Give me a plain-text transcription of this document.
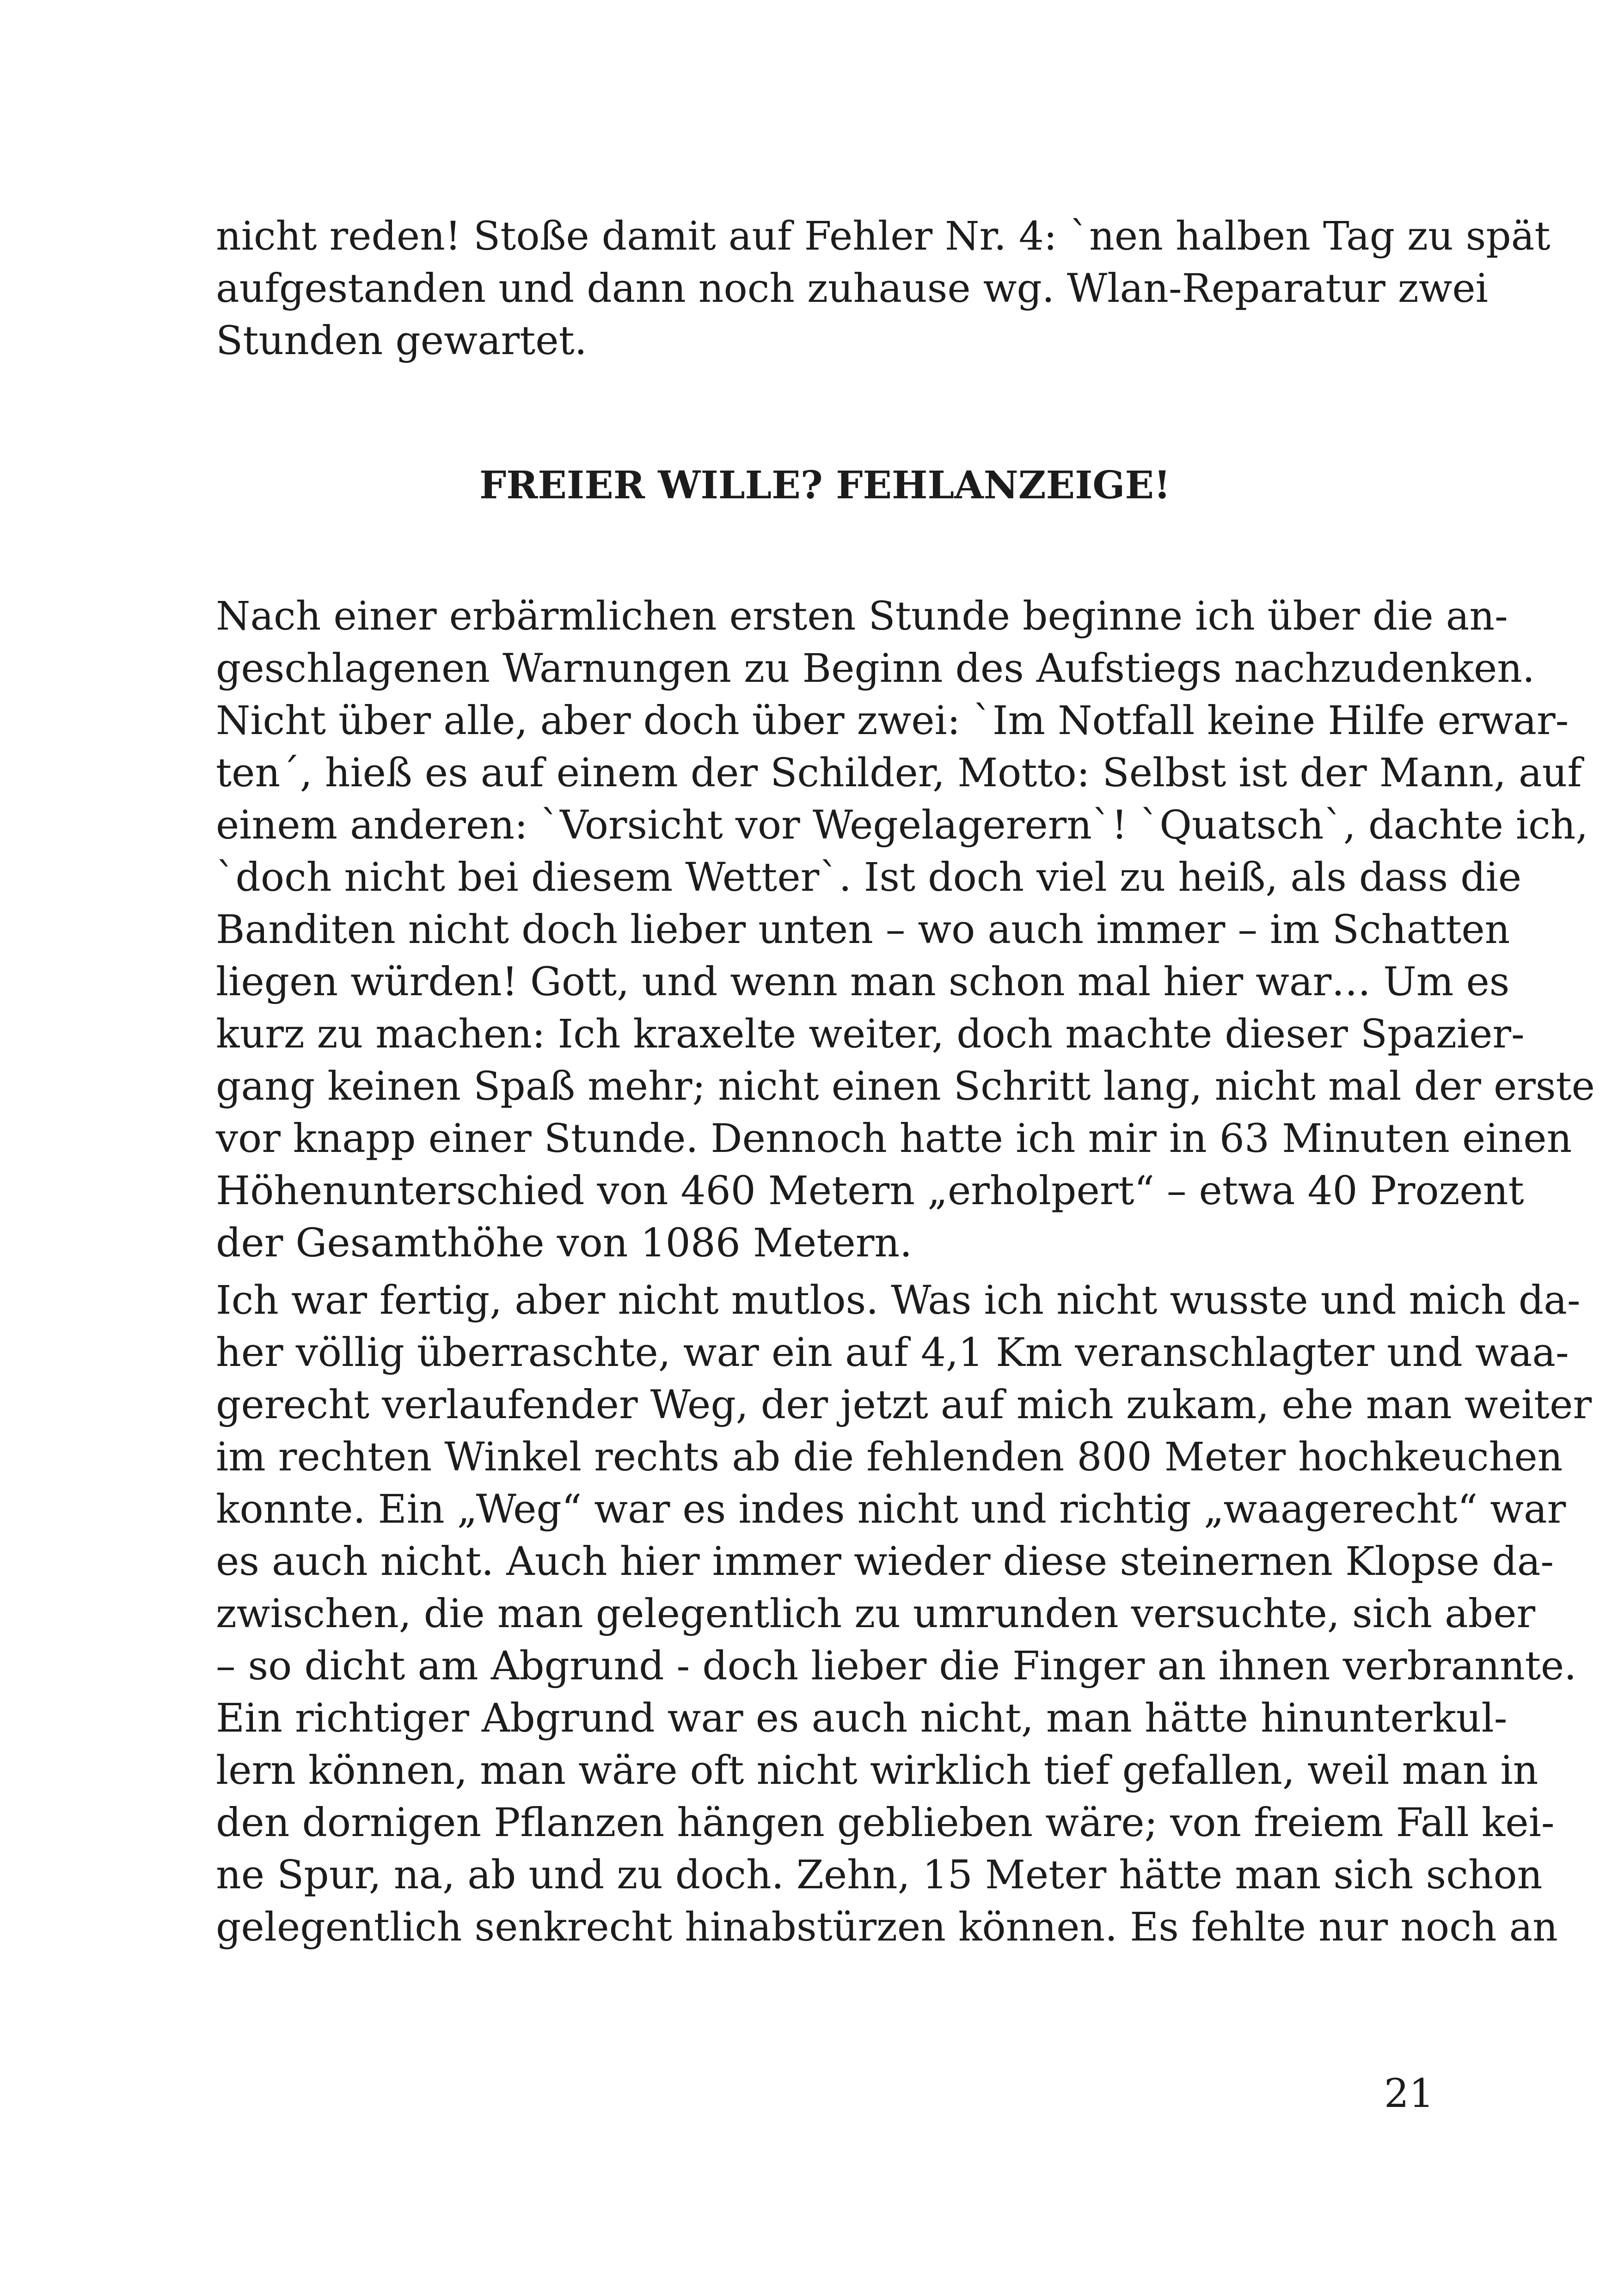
nicht reden! Stoße damit auf Fehler Nr. 4: `nen halben Tag zu spät
aufgestanden und dann noch zuhause wg. Wlan-Reparatur zwei
Stunden gewartet.
FREIER WILLE? FEHLANZEIGE!
Nach einer erbärmlichen ersten Stunde beginne ich über die an-
geschlagenen Warnungen zu Beginn des Aufstiegs nachzudenken.
Nicht über alle, aber doch über zwei: `Im Notfall keine Hilfe erwar-
ten´, hieß es auf einem der Schilder, Motto: Selbst ist der Mann, auf
einem anderen: `Vorsicht vor Wegelagerern`! `Quatsch`, dachte ich,
`doch nicht bei diesem Wetter`. Ist doch viel zu heiß, als dass die
Banditen nicht doch lieber unten – wo auch immer – im Schatten
liegen würden! Gott, und wenn man schon mal hier war… Um es
kurz zu machen: Ich kraxelte weiter, doch machte dieser Spazier-
gang keinen Spaß mehr; nicht einen Schritt lang, nicht mal der erste
vor knapp einer Stunde. Dennoch hatte ich mir in 63 Minuten einen
Höhenunterschied von 460 Metern „erholpert“ – etwa 40 Prozent
der Gesamthöhe von 1086 Metern.
Ich war fertig, aber nicht mutlos. Was ich nicht wusste und mich da-
her völlig überraschte, war ein auf 4,1 Km veranschlagter und waa-
gerecht verlaufender Weg, der jetzt auf mich zukam, ehe man weiter
im rechten Winkel rechts ab die fehlenden 800 Meter hochkeuchen
konnte. Ein „Weg“ war es indes nicht und richtig „waagerecht“ war
es auch nicht. Auch hier immer wieder diese steinernen Klopse da-
zwischen, die man gelegentlich zu umrunden versuchte, sich aber
– so dicht am Abgrund - doch lieber die Finger an ihnen verbrannte.
Ein richtiger Abgrund war es auch nicht, man hätte hinunterkul-
lern können, man wäre oft nicht wirklich tief gefallen, weil man in
den dornigen Pflanzen hängen geblieben wäre; von freiem Fall kei-
ne Spur, na, ab und zu doch. Zehn, 15 Meter hätte man sich schon
gelegentlich senkrecht hinabstürzen können. Es fehlte nur noch an
21
